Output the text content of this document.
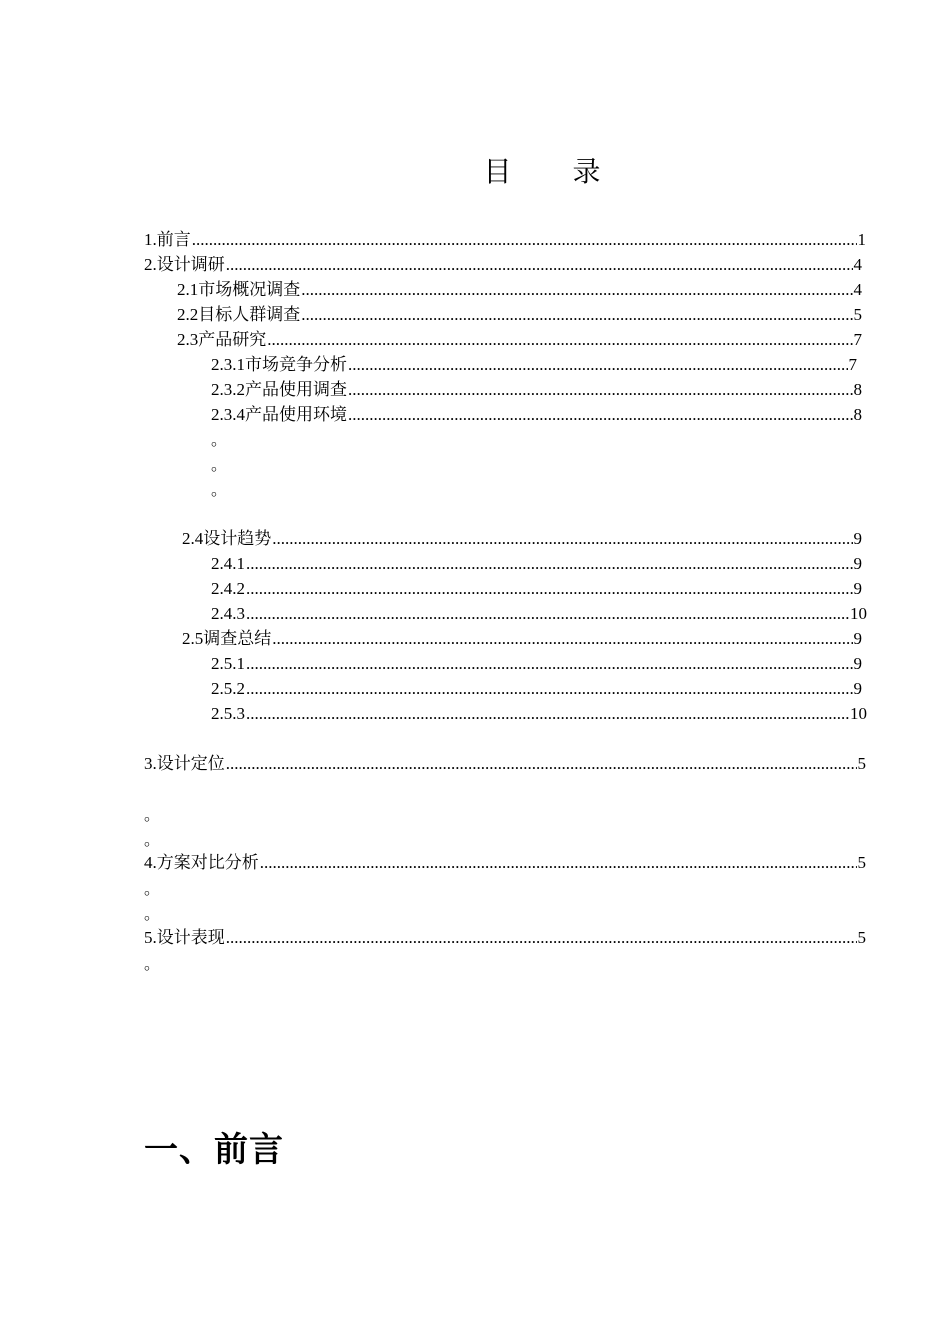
目 录
1.前言 .....	1
2.设计调研 .....	4
2.1市场概况调查 .....	4
2.2目标人群调查 .....	5
2.3产品研究 .....	7
2.3.1市场竞争分析 .....	7
2.3.2产品使用调查 .....	8
2.3.4产品使用环境 .....	8
。
。
。
2.4设计趋势 .....	9
2.4.1 .....	9
2.4.2 .....	9
2.4.3 .....	10
2.5调查总结 .....	9
2.5.1 .....	9
2.5.2 .....	9
2.5.3 .....	10
3.设计定位 .....	5
。
。
4.方案对比分析 .....	5
。
。
5.设计表现 .....	5
。
一、前言
